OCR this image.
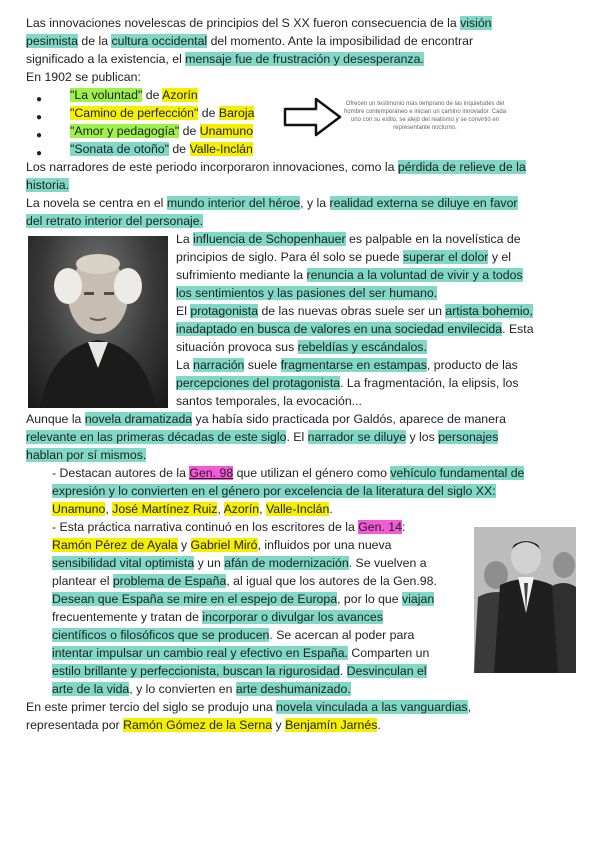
Las innovaciones novelescas de principios del S XX fueron consecuencia de la visión
pesimista de la cultura occidental del momento. Ante la imposibilidad de encontrar
significado a la existencia, el mensaje fue de frustración y desesperanza.
En 1902 se publican:
"La voluntad" de Azorín
"Camino de perfección" de Baroja
"Amor y pedagogía" de Unamuno
"Sonata de otoño" de Valle-Inclán
Los narradores de este periodo incorporaron innovaciones, como la pérdida de relieve de la
historia.
La novela se centra en el mundo interior del héroe, y la realidad externa se diluye en favor
del retrato interior del personaje.
La influencia de Schopenhauer es palpable en la novelística de
principios de siglo. Para él solo se puede superar el dolor y el
sufrimiento mediante la renuncia a la voluntad de vivir y a todos
los sentimientos y las pasiones del ser humano.
El protagonista de las nuevas obras suele ser un artista bohemio,
inadaptado en busca de valores en una sociedad envilecida. Esta
situación provoca sus rebeldías y escándalos.
La narración suele fragmentarse en estampas, producto de las
percepciones del protagonista. La fragmentación, la elipsis, los
santos temporales, la evocación...
Aunque la novela dramatizada ya había sido practicada por Galdós, aparece de manera
relevante en las primeras décadas de este siglo. El narrador se diluye y los personajes
hablan por sí mismos.
- Destacan autores de la Gen. 98 que utilizan el género como vehículo fundamental de
expresión y lo convierten en el género por excelencia de la literatura del siglo XX:
Unamuno, José Martínez Ruiz, Azorín, Valle-Inclán.
- Esta práctica narrativa continuó en los escritores de la Gen. 14:
Ramón Pérez de Ayala y Gabriel Miró, influidos por una nueva
sensibilidad vital optimista y un afán de modernización. Se vuelven a
plantear el problema de España, al igual que los autores de la Gen.98.
Desean que España se mire en el espejo de Europa, por lo que viajan
frecuentemente y tratan de incorporar o divulgar los avances
científicos o filosóficos que se producen. Se acercan al poder para
intentar impulsar un cambio real y efectivo en España. Comparten un
estilo brillante y perfeccionista, buscan la rigurosidad. Desvinculan el
arte de la vida, y lo convierten en arte deshumanizado.
En este primer tercio del siglo se produjo una novela vinculada a las vanguardias,
representada por Ramón Gómez de la Serna y Benjamín Jarnés.
●
●
●
●
Ofrecen un testimonio más temprano de las inquietudes del hombre contemporáneo e inician un camino innovador. Cada uno con su estilo, se alejó del realismo y se convirtió en representante nocturno.
